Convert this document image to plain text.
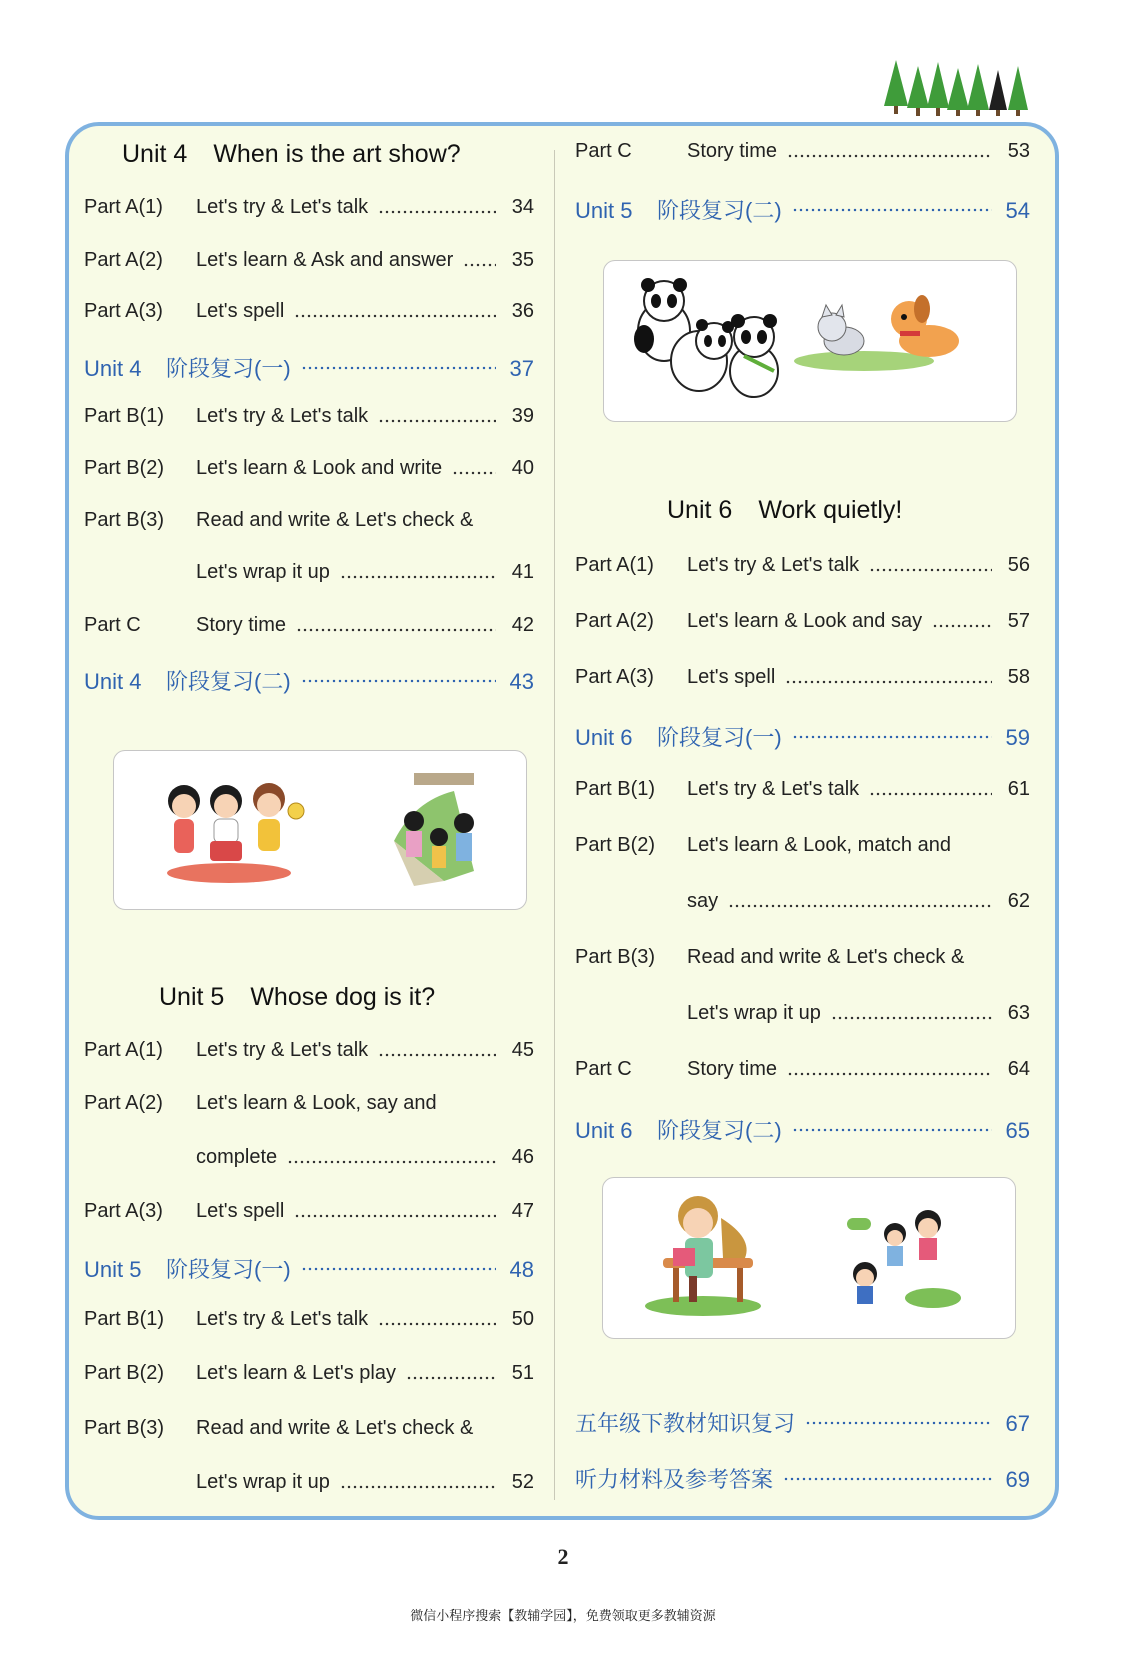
Unit 4 When is the art show?
Part A(1)	Let's try & Let's talk	34
Part A(2)	Let's learn & Ask and answer	35
Part A(3)	Let's spell	36
Unit 4	阶段复习(一)	37
Part B(1)	Let's try & Let's talk	39
Part B(2)	Let's learn & Look and write	40
Part B(3)	Read and write & Let's check &
Let's wrap it up	41
Part C	Story time	42
Unit 4	阶段复习(二)	43
Unit 5 Whose dog is it?
Part A(1)	Let's try & Let's talk	45
Part A(2)	Let's learn & Look, say and
complete	46
Part A(3)	Let's spell	47
Unit 5	阶段复习(一)	48
Part B(1)	Let's try & Let's talk	50
Part B(2)	Let's learn & Let's play	51
Part B(3)	Read and write & Let's check &
Let's wrap it up	52
Part C	Story time	53
Unit 5	阶段复习(二)	54
Unit 6 Work quietly!
Part A(1)	Let's try & Let's talk	56
Part A(2)	Let's learn & Look and say	57
Part A(3)	Let's spell	58
Unit 6	阶段复习(一)	59
Part B(1)	Let's try & Let's talk	61
Part B(2)	Let's learn & Look, match and
say	62
Part B(3)	Read and write & Let's check &
Let's wrap it up	63
Part C	Story time	64
Unit 6	阶段复习(二)	65
五年级下教材知识复习	67
听力材料及参考答案	69
2
微信小程序搜索【教辅学园】，免费领取更多教辅资源
